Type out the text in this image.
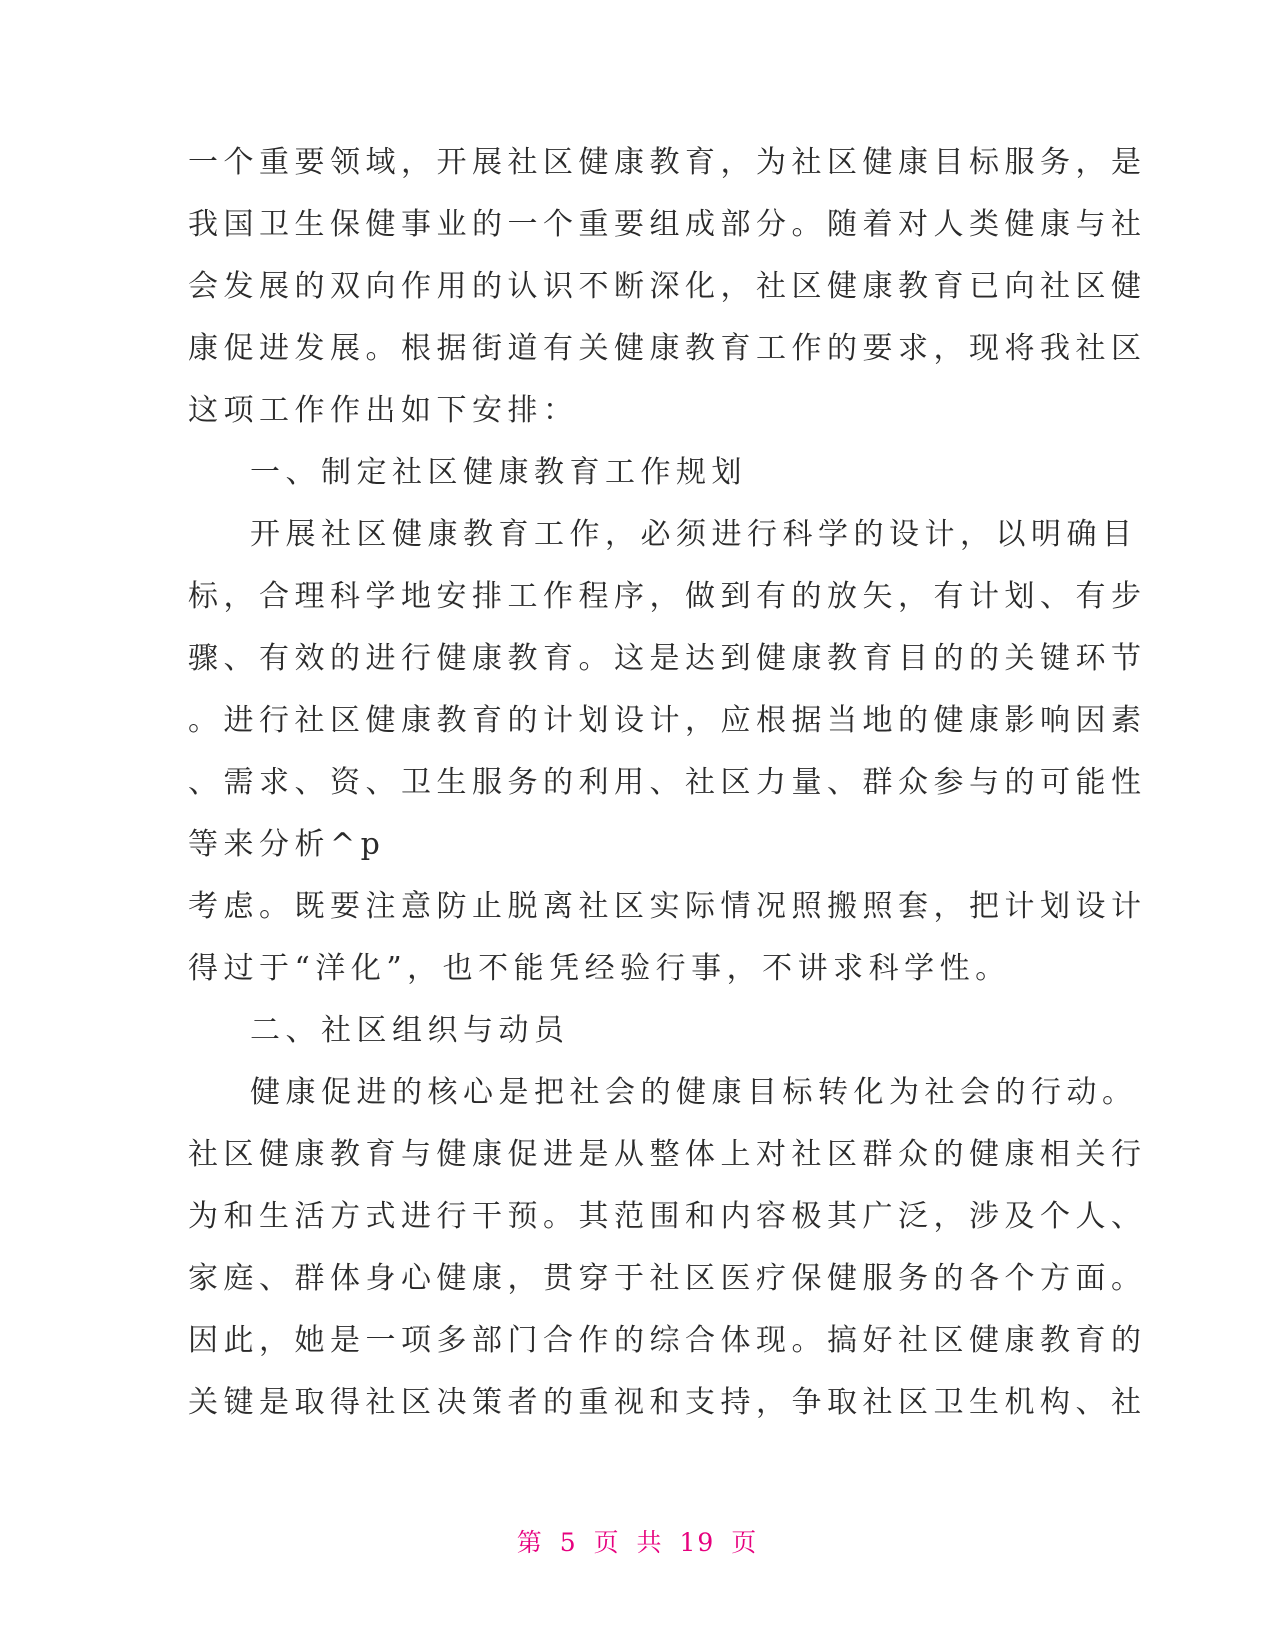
一个重要领域，开展社区健康教育，为社区健康目标服务，是
我国卫生保健事业的一个重要组成部分。随着对人类健康与社
会发展的双向作用的认识不断深化，社区健康教育已向社区健
康促进发展。根据街道有关健康教育工作的要求，现将我社区
这项工作作出如下安排：
一、制定社区健康教育工作规划
开展社区健康教育工作，必须进行科学的设计，以明确目
标，合理科学地安排工作程序，做到有的放矢，有计划、有步
骤、有效的进行健康教育。这是达到健康教育目的的关键环节
。进行社区健康教育的计划设计，应根据当地的健康影响因素
、需求、资、卫生服务的利用、社区力量、群众参与的可能性
等来分析^p
考虑。既要注意防止脱离社区实际情况照搬照套，把计划设计
得过于“洋化”，也不能凭经验行事，不讲求科学性。
二、社区组织与动员
健康促进的核心是把社会的健康目标转化为社会的行动。
社区健康教育与健康促进是从整体上对社区群众的健康相关行
为和生活方式进行干预。其范围和内容极其广泛，涉及个人、
家庭、群体身心健康，贯穿于社区医疗保健服务的各个方面。
因此，她是一项多部门合作的综合体现。搞好社区健康教育的
关键是取得社区决策者的重视和支持，争取社区卫生机构、社
第 5 页 共 19 页
